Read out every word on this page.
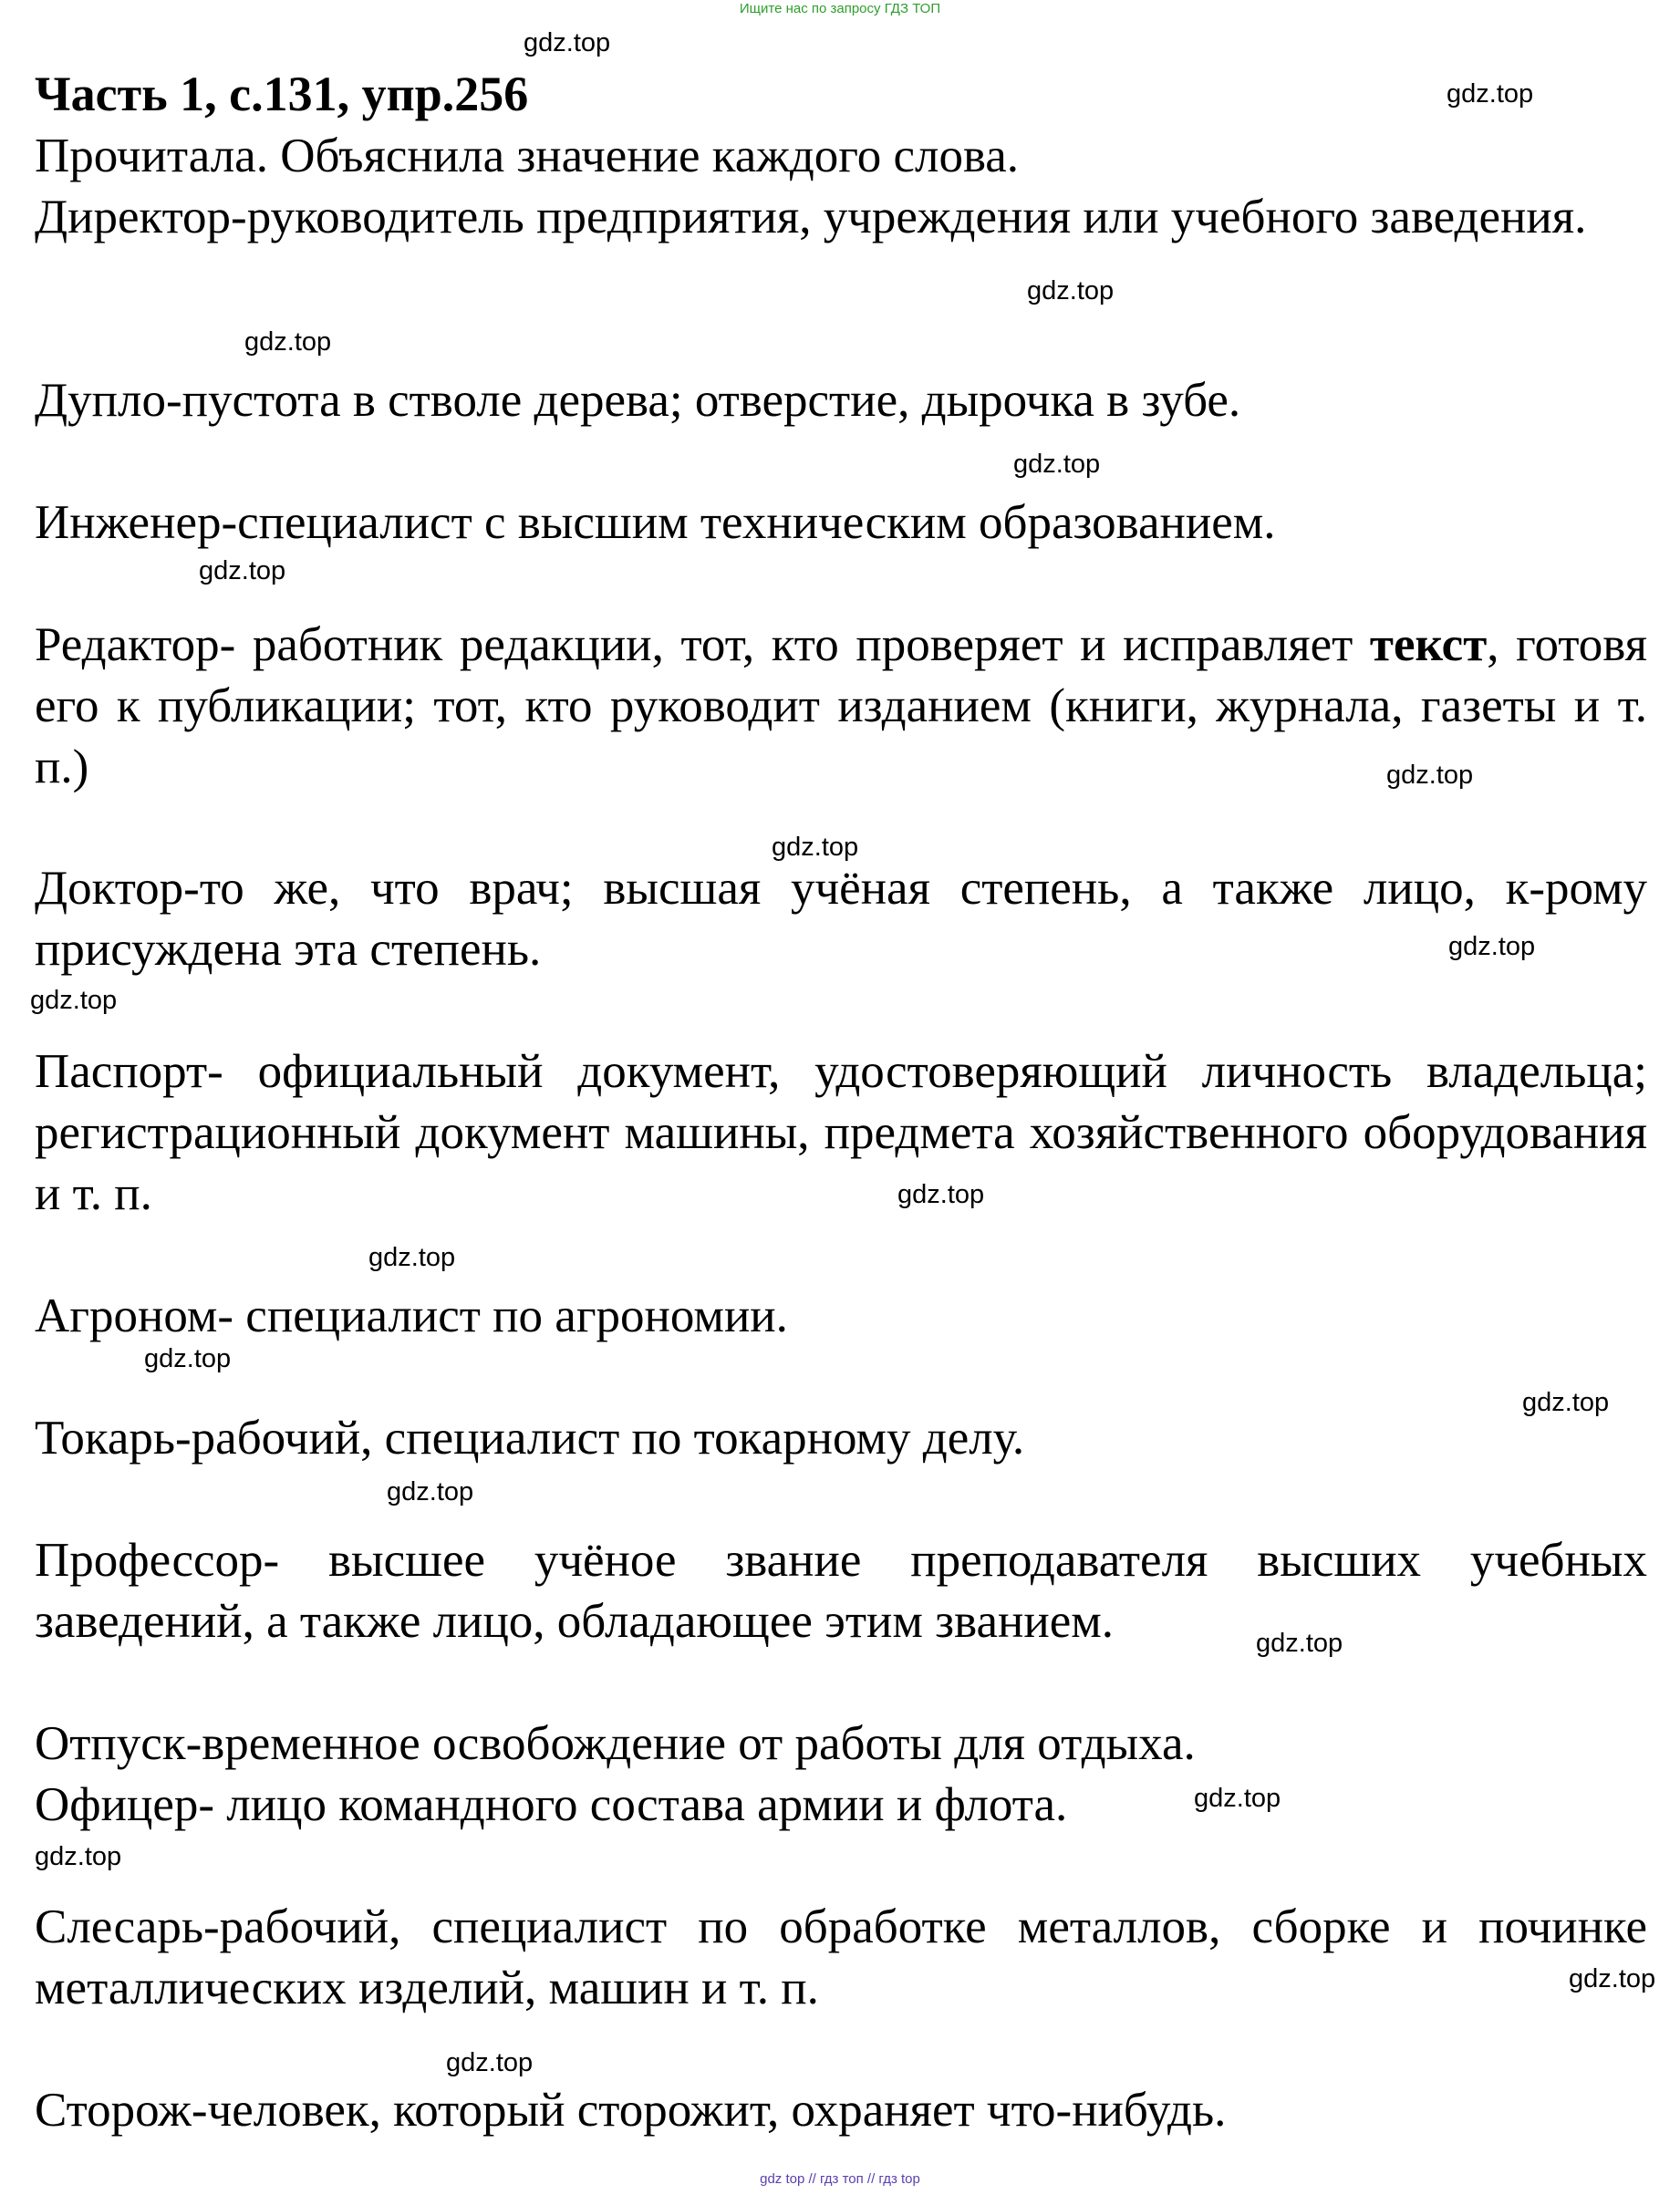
Ищите нас по запросу ГДЗ ТОП
Часть 1, с.131, упр.256

Прочитала. Объяснила значение каждого слова.

Директор-руководитель предприятия, учреждения или учебного заведения.

Дупло-пустота в стволе дерева; отверстие, дырочка в зубе.

Инженер-специалист с высшим техническим образованием.

Редактор- работник редакции, тот, кто проверяет и исправляет текст, готовя его к публикации; тот, кто руководит изданием (книги, журнала, газеты и т. п.)

Доктор-то же, что врач; высшая учёная степень, а также лицо, к-рому присуждена эта степень.

Паспорт- официальный документ, удостоверяющий личность владельца; регистрационный документ машины, предмета хозяйственного оборудования и т. п.

Агроном- специалист по агрономии.

Токарь-рабочий, специалист по токарному делу.

Профессор- высшее учёное звание преподавателя высших учебных заведений, а также лицо, обладающее этим званием.

Отпуск-временное освобождение от работы для отдыха.

Офицер- лицо командного состава армии и флота.

Слесарь-рабочий, специалист по обработке металлов, сборке и починке металлических изделий, машин и т. п.

Сторож-человек, который сторожит, охраняет что-нибудь.

gdz.top
gdz.top
gdz.top
gdz.top
gdz.top
gdz.top
gdz.top
gdz.top
gdz.top
gdz.top
gdz.top
gdz.top
gdz.top
gdz.top
gdz.top
gdz.top
gdz.top
gdz.top
gdz.top
gdz.top
gdz top // гдз топ // гдз top
